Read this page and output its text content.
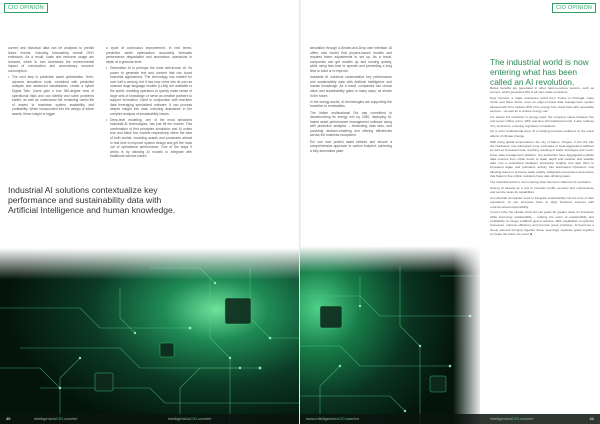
CIO OPINION

current and historical data can be analysed to predict future events, including forecasting overall GHG emissions. As a result, costs and resource usage are reduced, which in turn decreases the environmental impact of construction and unnecessary resource consumption.

• The next step is predictive asset optimisation. Here, dynamic simulation tools, combined with predictive analysis and advanced visualisation, create a hybrid Digital Twin. Users gain a true 360-degree view of operational risks and can identify and solve problems earlier, as well as understand the remaining useful life of assets to maximise system availability and profitability. When incorporated into the design of future assets, these insight is bigger

a cycle of continuous improvement. In real terms, predictive asset optimisation accurately forecasts performance degradation and anomalous operations in depth at a granular level.

• Generative AI is perhaps the most well-known AI. Its power to generate text and content that can boost industrial applications. The technology has existed for over half a century, but it has now come into its own as massive large language models (LLMs) are available to the public, enabling operators to quickly make sense of large sets of knowledge or serve as creative partners to support innovation. Used in conjunction with real-time data leveraging specialised software, it can process deeper insight into data, including assistance in the complex analysis of sustainability issues.
• Deep-tech modeling, one of the most advanced industrial AI technologies, has just hit the market. This combination of first principles simulation and AI unites true and black box models respectively offers the best of both worlds: modeling assets and processes almost in real time to improve system design and get the most out of operational performance. One of the ways it works is by allowing AI models to integrate with traditional science-based
Industrial AI solutions contextualize key performance and sustainability data with Artificial Intelligence and human knowledge.
40	intelligentcioCIO.com/eri	intelligentcioCIO.com/eri
CIO OPINION

simulation through a Decide-and-Drop user interface. AI offers now model that physics-based models and requires fewer adjustments to set up. As a result, companies can get models up and running quickly, while using less time to operate and preventing a long time to build or to improve.

Industrial AI solutions contextualize key performance and sustainability data with Artificial Intelligence and human knowledge. As a result, companies can unlock value and sustainability gains in many ways, as shown in the future.

In the energy sector, AI technologies are supporting the transition to renewables.

The Italian multinational Eni has committed to decarbonizing its energy mix by 2050, deploying AI-based asset performance management software along with predictive analytics – eliminating data silos, and providing decision-enabling and offering efficiencies across the business ecosystem.

Eni can now predict asset failures and ensure a comprehensive approach to carbon footprint, achieving a fully automated plant.

The industrial world is now entering what has been called an AI revolution.

Below benefits are generated in other hard-to-reduce sectors, such as cement, which generates 8% of all man-made emissions.

Dyer Cement, a major operations world from Turkey to Portugal, Cape Verde and West Africa, uses an edge-to-cloud data management system allowed with AI to replace 30% of its energy from fossil fuels with renewable sources – as well as to reduce energy use.

For assets 1% reduction in energy used, the company saves between five and seven million euros. With real-time informational trends, it also reduces CO₂ emissions, ensuring regulatory compliance.

On a more fundamental level, AI is helping increase resilience to the worst effects of climate change.

With rising global temperatures, the city of Salem, Oregon, in the US, like the Northwest, has witnessed more outbreaks of heat-aggravated wildfires as well as increased heat, anything resulting in water shortages and much-fewer data management platform, city authorities have aggregated multiple data sources from urban levels to water depth and weather and satellite data, into a centralised intelligent production insights now alert them to increased algae and pollutants activity has automated Operators now allowing teams to preserve water quality, safeguard ecosystems and ensure that Salem's five million residents have safe drinking water.

The industrial world is now entering what has been called an AI revolution.

Seeing AI already as a tool to increase profits securely and maintenance and service tasks its capabilities.

As industrial companies seek to integrate sustainability into the core of their operations, AI can empower them to align business success with environmental responsibility.

It won't solve the climate crisis but can guide far greater value for industries while improving sustainability – making the union of sustainability and profitability no longer a difficult goal to achieve. With capabilities to optimise processes, improve efficiency and promote green practices, AI becomes a timely element bringing together these seemingly separate goals together to create the future we need. ■

www.intelligentcioCIO.com/eri	intelligentcioCIO.com/eri	41
